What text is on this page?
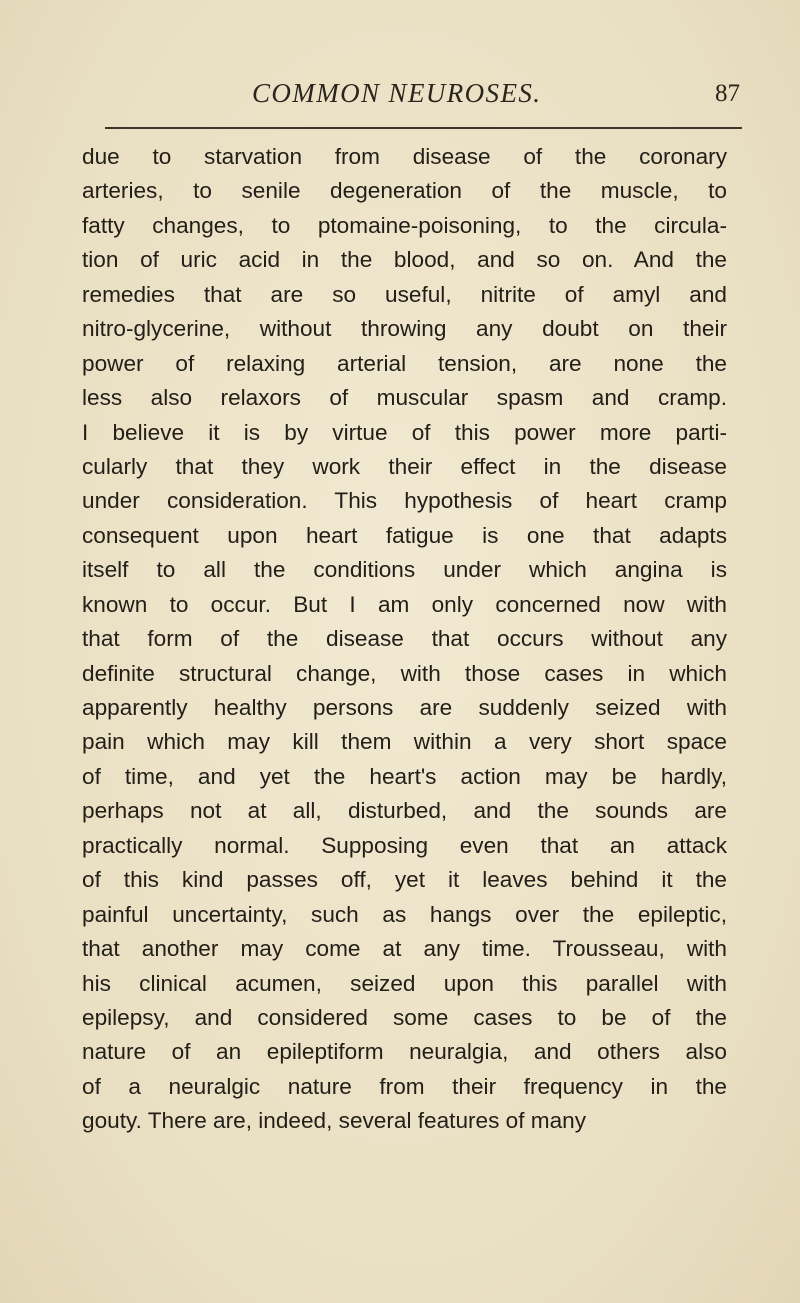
COMMON NEUROSES.	87
due to starvation from disease of the coronary
arteries, to senile degeneration of the muscle, to
fatty changes, to ptomaine-poisoning, to the circula-
tion of uric acid in the blood, and so on. And the
remedies that are so useful, nitrite of amyl and
nitro-glycerine, without throwing any doubt on their
power of relaxing arterial tension, are none the
less also relaxors of muscular spasm and cramp.
I believe it is by virtue of this power more parti-
cularly that they work their effect in the disease
under consideration. This hypothesis of heart cramp
consequent upon heart fatigue is one that adapts
itself to all the conditions under which angina is
known to occur. But I am only concerned now with
that form of the disease that occurs without any
definite structural change, with those cases in which
apparently healthy persons are suddenly seized with
pain which may kill them within a very short space
of time, and yet the heart's action may be hardly,
perhaps not at all, disturbed, and the sounds are
practically normal. Supposing even that an attack
of this kind passes off, yet it leaves behind it the
painful uncertainty, such as hangs over the epileptic,
that another may come at any time. Trousseau, with
his clinical acumen, seized upon this parallel with
epilepsy, and considered some cases to be of the
nature of an epileptiform neuralgia, and others also
of a neuralgic nature from their frequency in the
gouty. There are, indeed, several features of many
